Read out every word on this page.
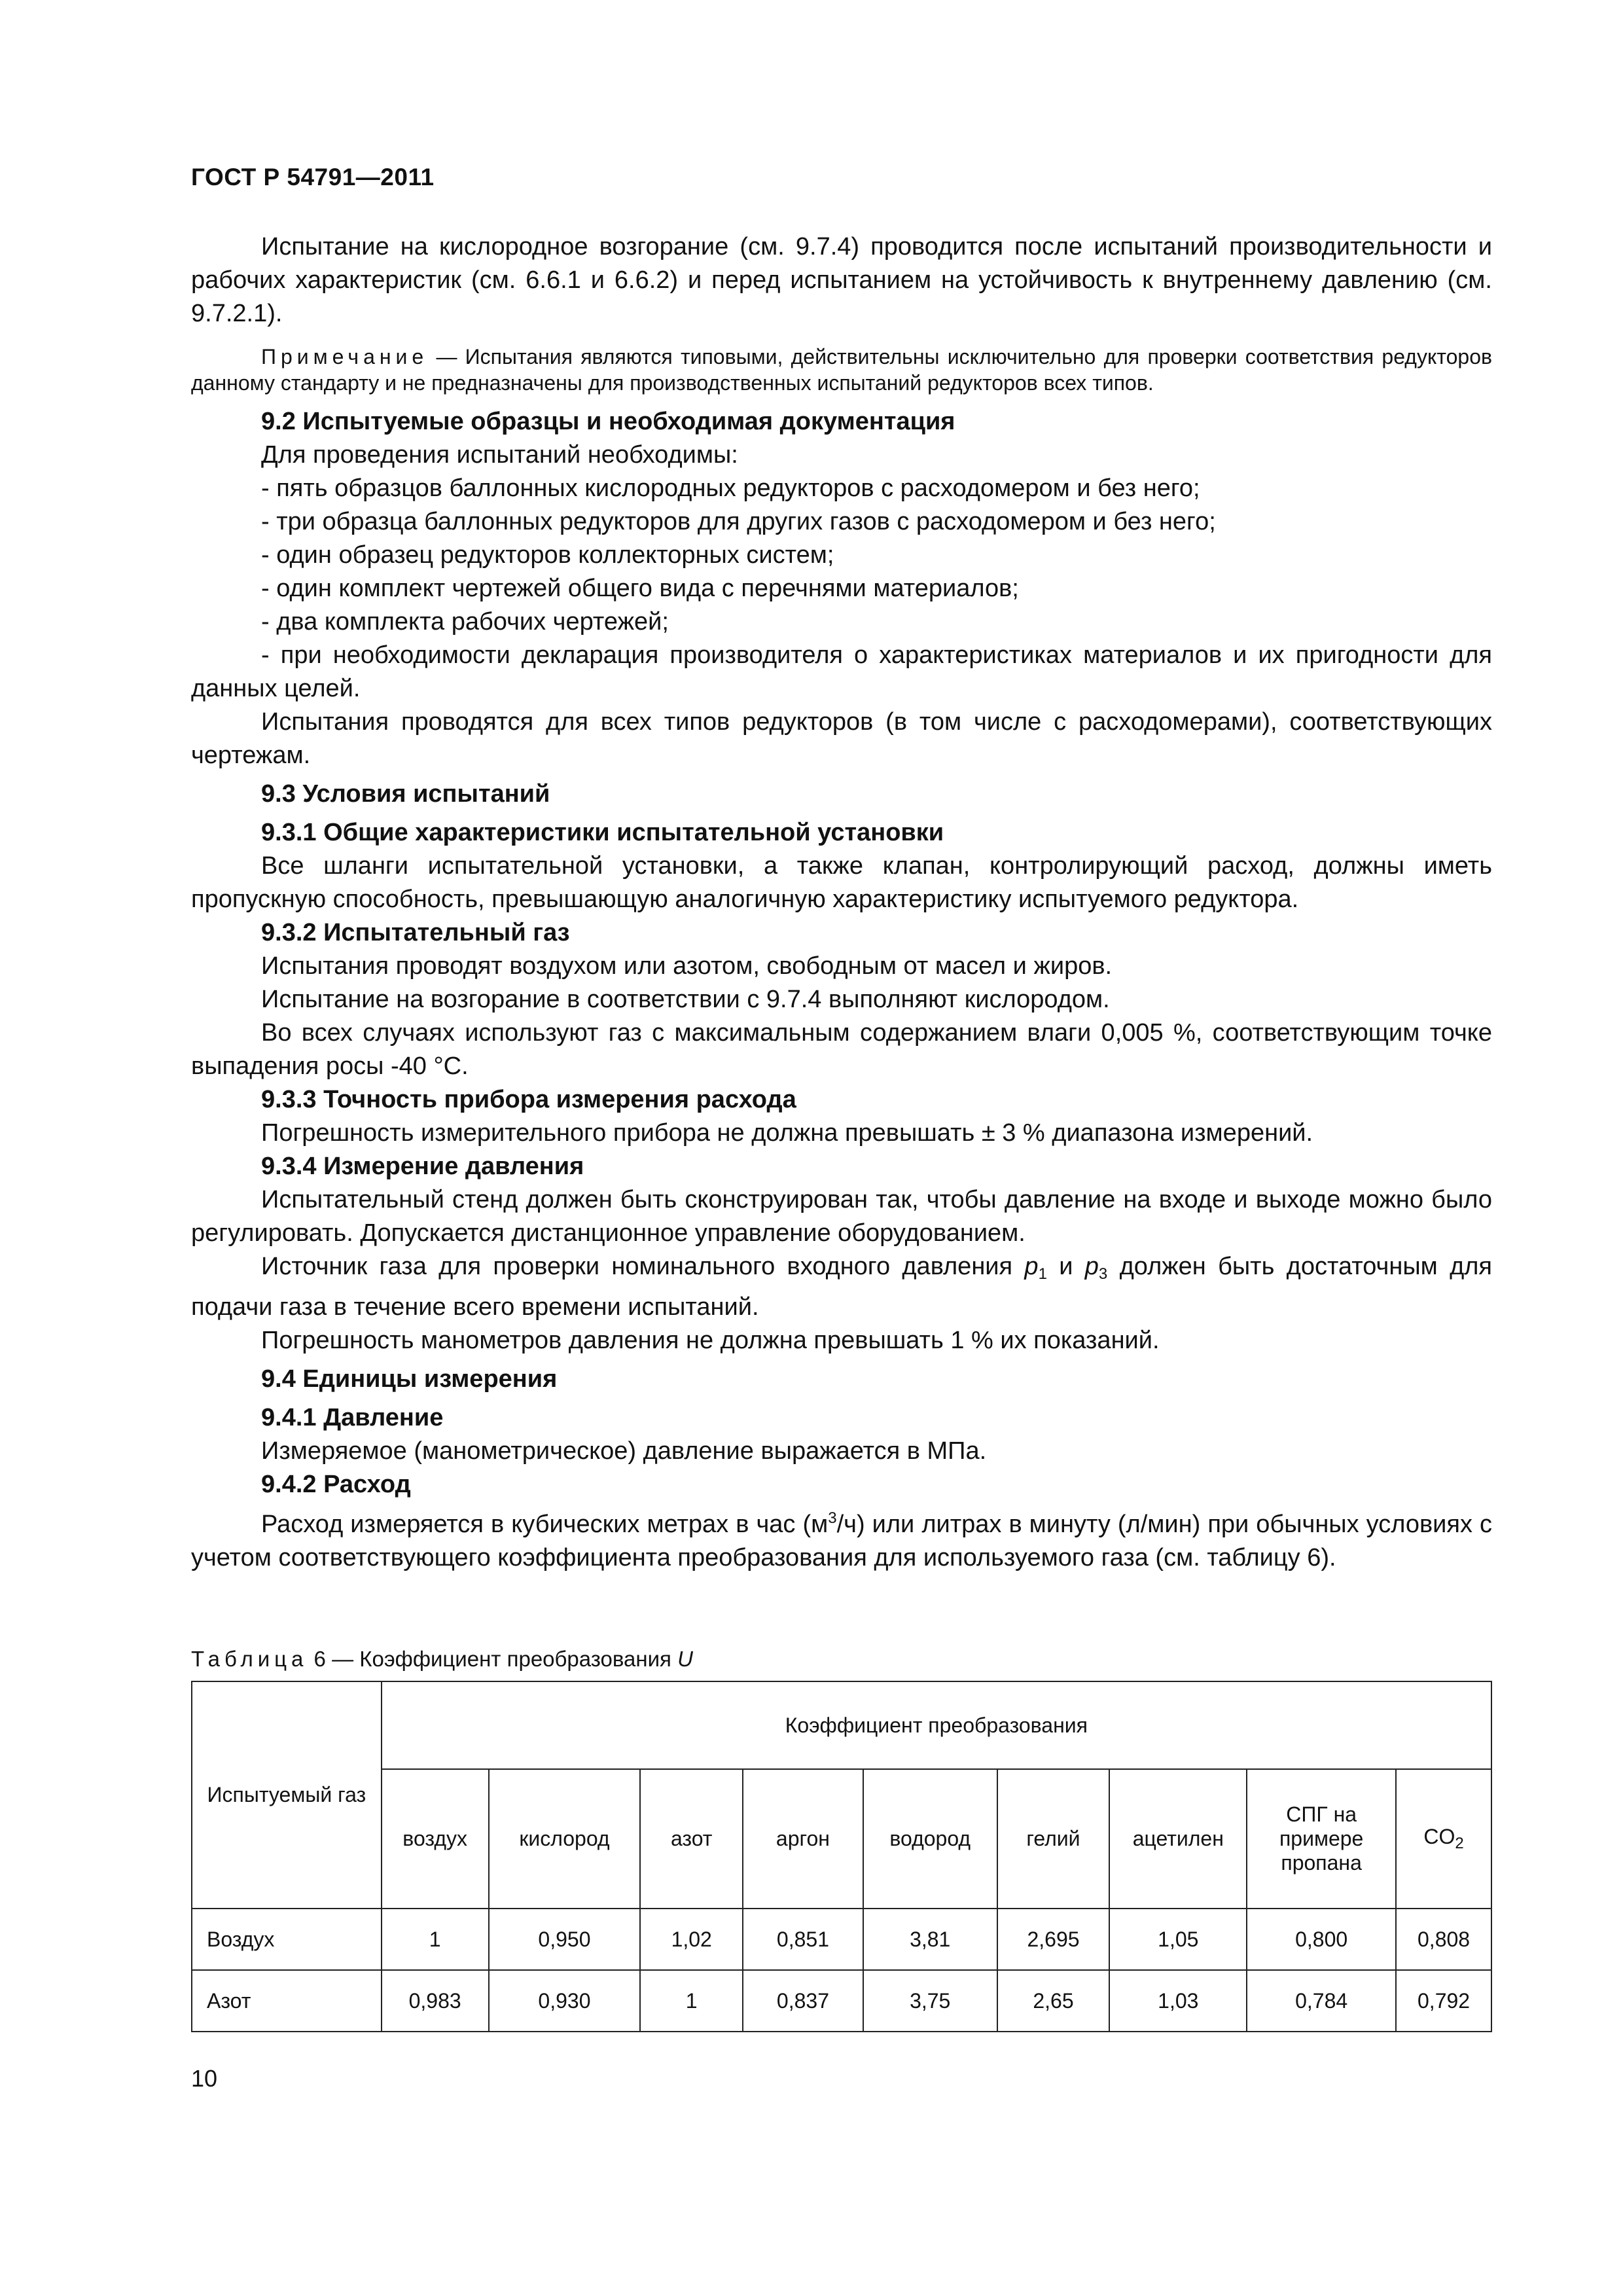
ГОСТ Р 54791—2011

Испытание на кислородное возгорание (см. 9.7.4) проводится после испытаний производительности и рабочих характеристик (см. 6.6.1 и 6.6.2) и перед испытанием на устойчивость к внутреннему давлению (см. 9.7.2.1).

Примечание — Испытания являются типовыми, действительны исключительно для проверки соответствия редукторов данному стандарту и не предназначены для производственных испытаний редукторов всех типов.

9.2 Испытуемые образцы и необходимая документация

Для проведения испытаний необходимы:

- пять образцов баллонных кислородных редукторов с расходомером и без него;

- три образца баллонных редукторов для других газов с расходомером и без него;

- один образец редукторов коллекторных систем;

- один комплект чертежей общего вида с перечнями материалов;

- два комплекта рабочих чертежей;

- при необходимости декларация производителя о характеристиках материалов и их пригодности для данных целей.

Испытания проводятся для всех типов редукторов (в том числе с расходомерами), соответствующих чертежам.

9.3 Условия испытаний

9.3.1 Общие характеристики испытательной установки

Все шланги испытательной установки, а также клапан, контролирующий расход, должны иметь пропускную способность, превышающую аналогичную характеристику испытуемого редуктора.

9.3.2 Испытательный газ

Испытания проводят воздухом или азотом, свободным от масел и жиров.

Испытание на возгорание в соответствии с 9.7.4 выполняют кислородом.

Во всех случаях используют газ с максимальным содержанием влаги 0,005 %, соответствующим точке выпадения росы -40 °С.

9.3.3 Точность прибора измерения расхода

Погрешность измерительного прибора не должна превышать ± 3 % диапазона измерений.

9.3.4 Измерение давления

Испытательный стенд должен быть сконструирован так, чтобы давление на входе и выходе можно было регулировать. Допускается дистанционное управление оборудованием.

Источник газа для проверки номинального входного давления $p_1$ и $p_3$ должен быть достаточным для подачи газа в течение всего времени испытаний.

Погрешность манометров давления не должна превышать 1 % их показаний.

9.4 Единицы измерения

9.4.1 Давление

Измеряемое (манометрическое) давление выражается в МПа.

9.4.2 Расход

Расход измеряется в кубических метрах в час $(м^3/ч)$ или литрах в минуту (л/мин) при обычных условиях с учетом соответствующего коэффициента преобразования для используемого газа (см. таблицу 6).

Таблица 6 — Коэффициент преобразования U
Испытуемый газ	Коэффициент преобразования								
	воздух	кислород	азот	аргон	водород	гелий	ацетилен	СПГ на примере пропана	$CO_2$
Воздух	1	0,950	1,02	0,851	3,81	2,695	1,05	0,800	0,808
Азот	0,983	0,930	1	0,837	3,75	2,65	1,03	0,784	0,792
10
